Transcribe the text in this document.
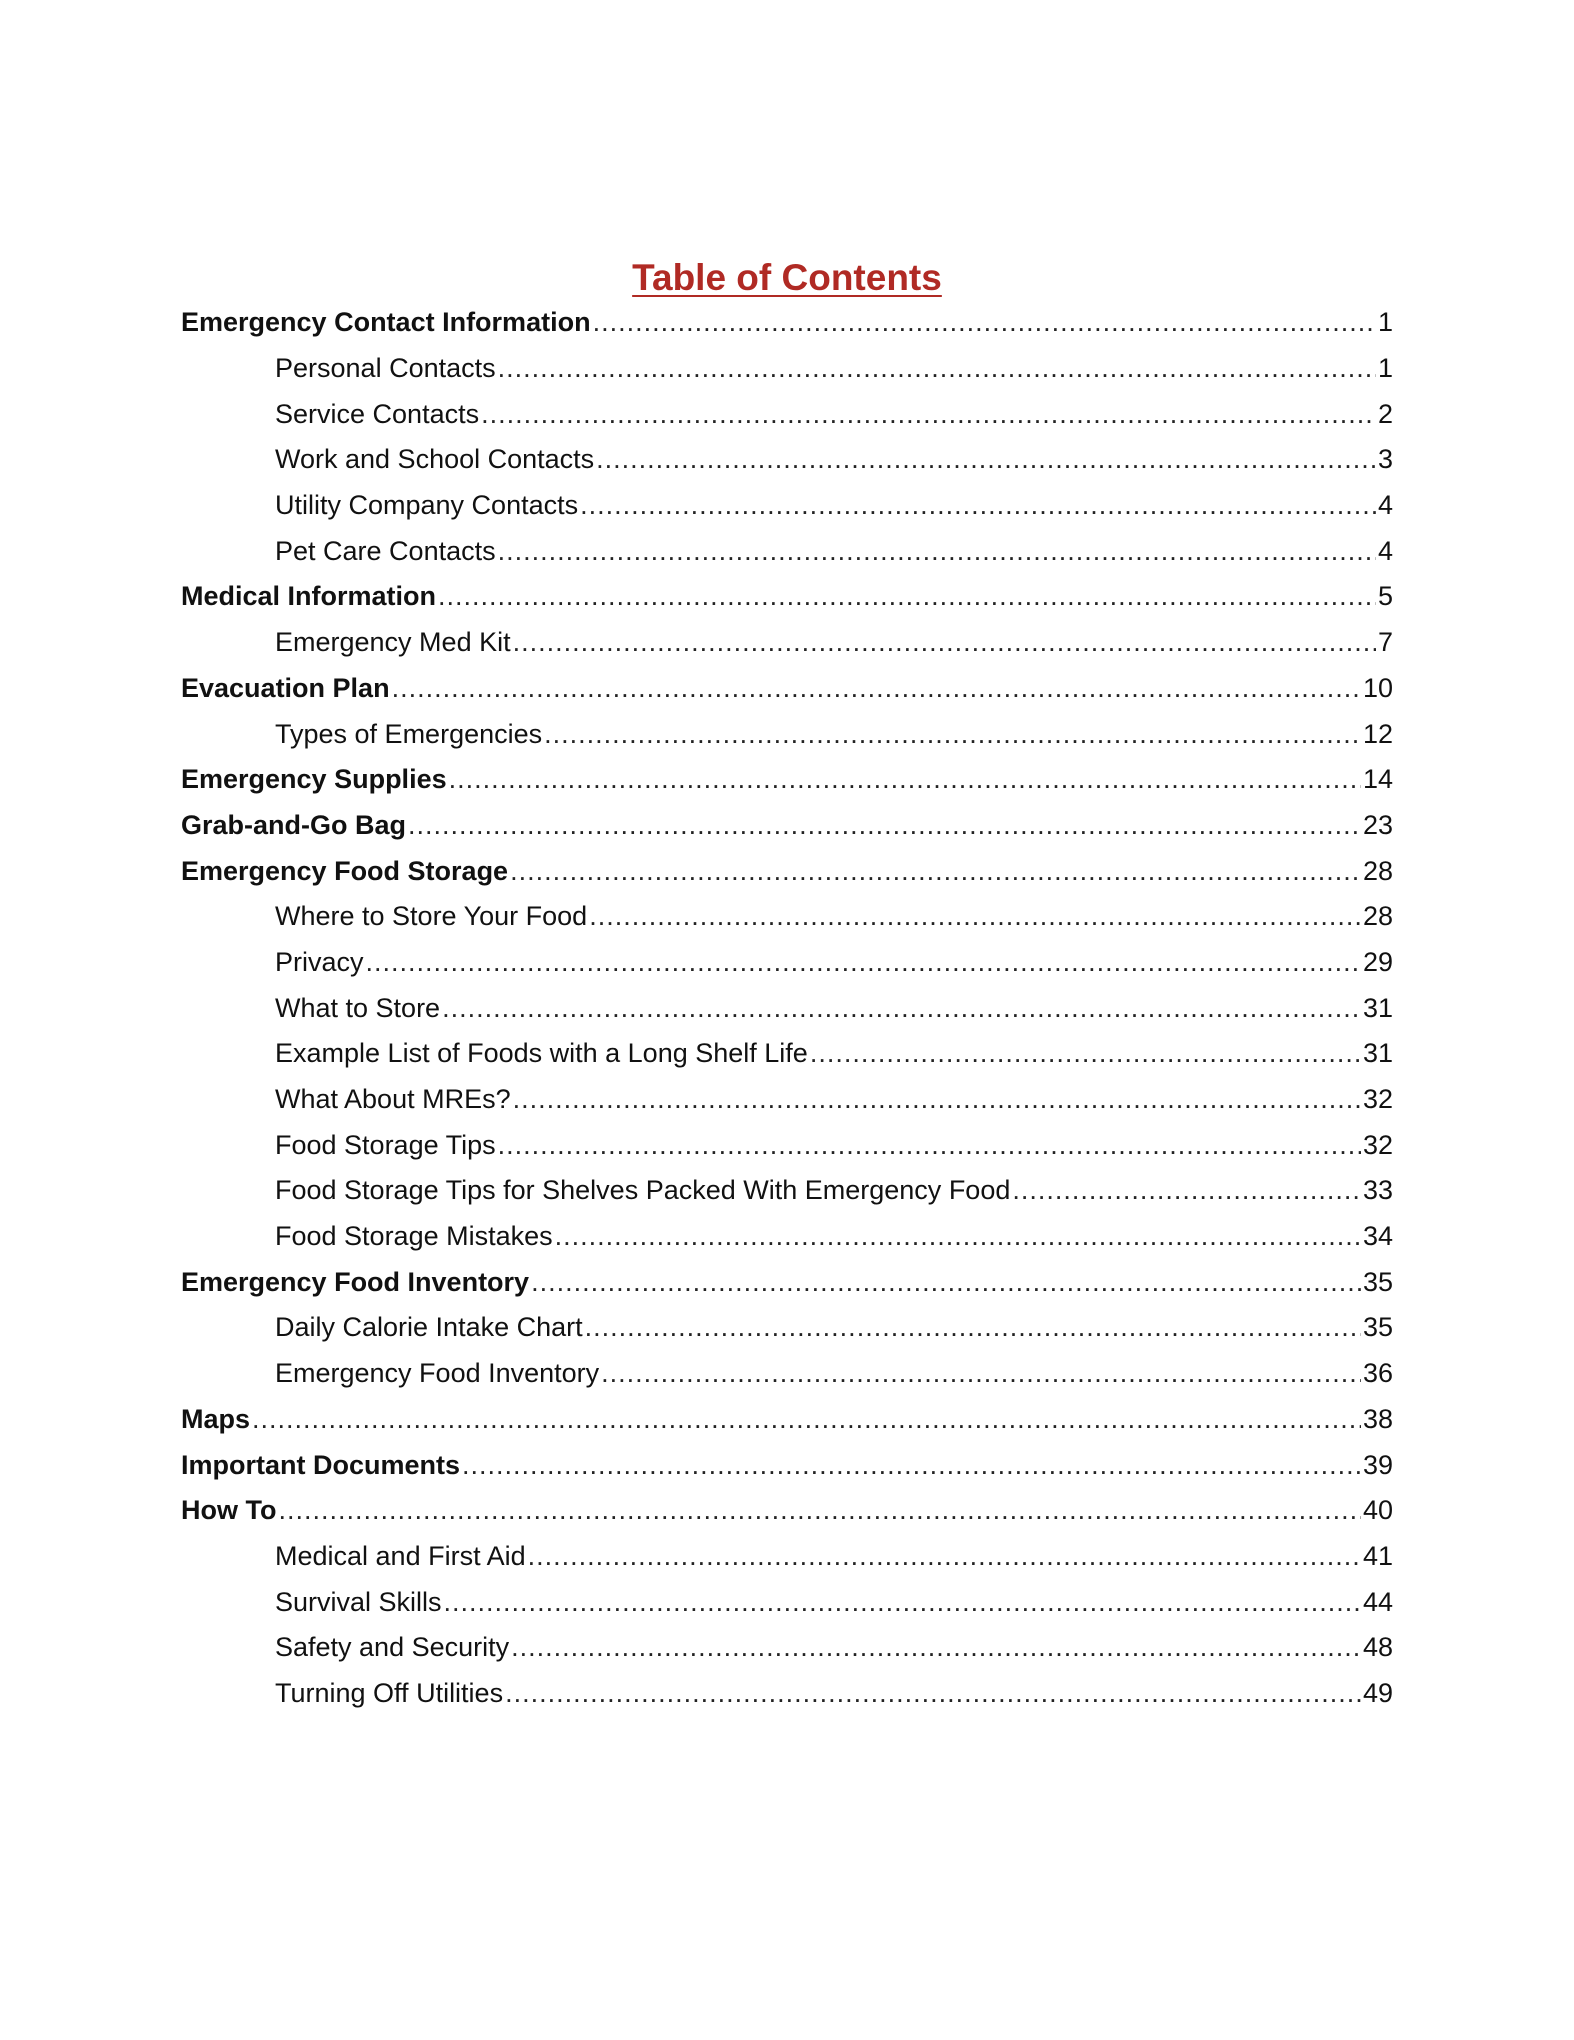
Table of Contents
Emergency Contact Information .....	1
Personal Contacts .....	1
Service Contacts .....	2
Work and School Contacts .....	3
Utility Company Contacts .....	4
Pet Care Contacts .....	4
Medical Information .....	5
Emergency Med Kit .....	7
Evacuation Plan .....	10
Types of Emergencies .....	12
Emergency Supplies .....	14
Grab-and-Go Bag .....	23
Emergency Food Storage .....	28
Where to Store Your Food .....	28
Privacy .....	29
What to Store .....	31
Example List of Foods with a Long Shelf Life .....	31
What About MREs? .....	32
Food Storage Tips .....	32
Food Storage Tips for Shelves Packed With Emergency Food .....	33
Food Storage Mistakes .....	34
Emergency Food Inventory .....	35
Daily Calorie Intake Chart .....	35
Emergency Food Inventory .....	36
Maps .....	38
Important Documents .....	39
How To .....	40
Medical and First Aid .....	41
Survival Skills .....	44
Safety and Security .....	48
Turning Off Utilities .....	49
